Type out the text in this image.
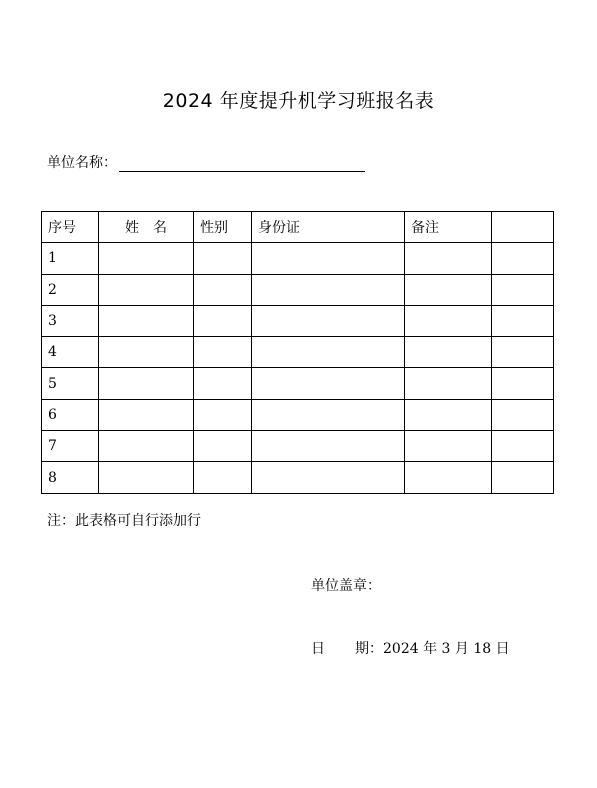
2024 年度提升机学习班报名表
单位名称：
序号	姓　名	性别	身份证	备注	
1					
2					
3					
4					
5					
6					
7					
8					
注：此表格可自行添加行
单位盖章：
日 期：2024 年 3 月 18 日
